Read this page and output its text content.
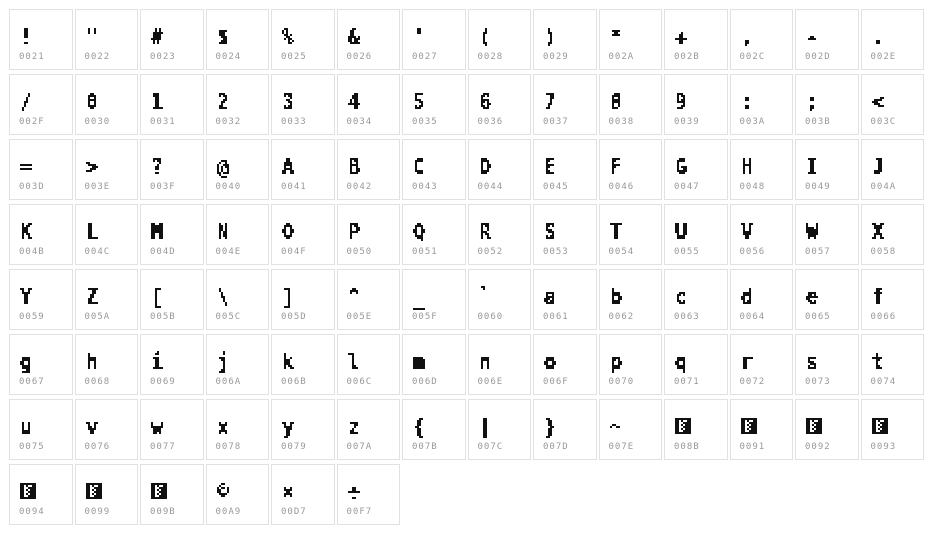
0021	0022	0023	0024	0025	0026	0027	0028	0029	002A	002B	002C	002D	002E
002F	0030	0031	0032	0033	0034	0035	0036	0037	0038	0039	003A	003B	003C
003D	003E	003F	0040	0041	0042	0043	0044	0045	0046	0047	0048	0049	004A
004B	004C	004D	004E	004F	0050	0051	0052	0053	0054	0055	0056	0057	0058
0059	005A	005B	005C	005D	005E	005F	0060	0061	0062	0063	0064	0065	0066
0067	0068	0069	006A	006B	006C	006D	006E	006F	0070	0071	0072	0073	0074
0075	0076	0077	0078	0079	007A	007B	007C	007D	007E	008B	0091	0092	0093
0094	0099	009B	00A9	00D7	00F7
